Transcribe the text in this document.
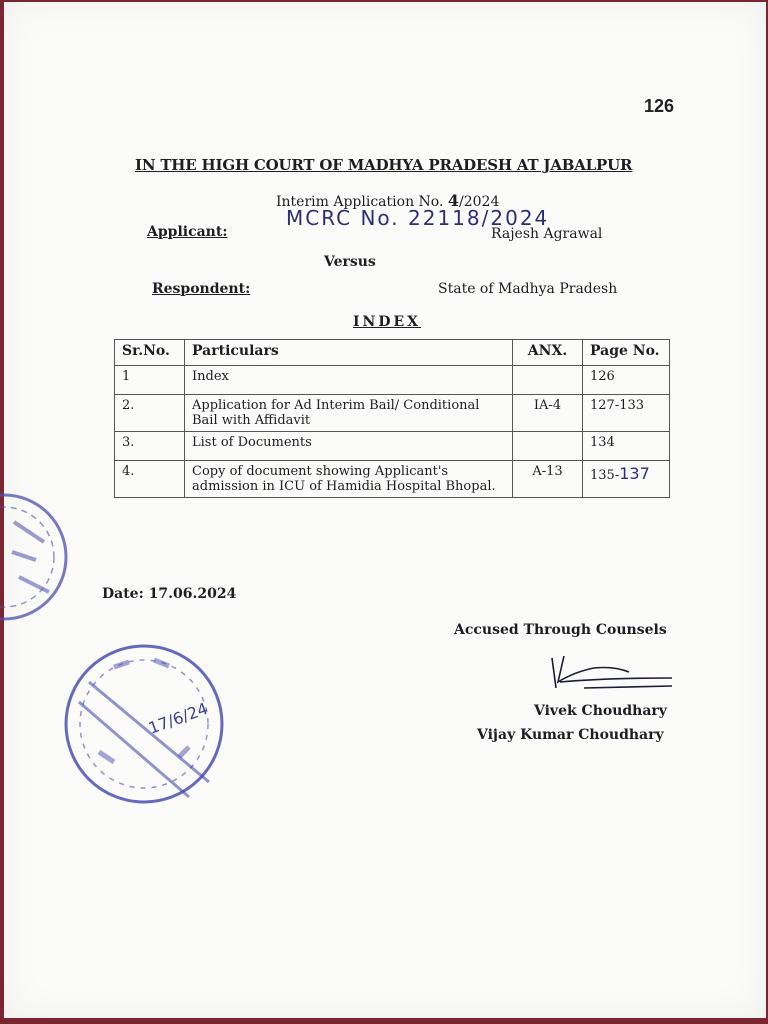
126
IN THE HIGH COURT OF MADHYA PRADESH AT JABALPUR
Interim Application No. 4/2024
MCRC No. 22118/2024
Applicant:	Rajesh Agrawal
Versus
Respondent:	State of Madhya Pradesh
INDEX
Sr.No.	Particulars	ANX.	Page No.
1	Index		126
2.	Application for Ad Interim Bail/ Conditional Bail with Affidavit	IA-4	127-133
3.	List of Documents		134
4.	Copy of document showing Applicant's admission in ICU of Hamidia Hospital Bhopal.	A-13	135-137
Date: 17.06.2024
Accused Through Counsels
Vivek Choudhary
Vijay Kumar Choudhary
17/6/24
